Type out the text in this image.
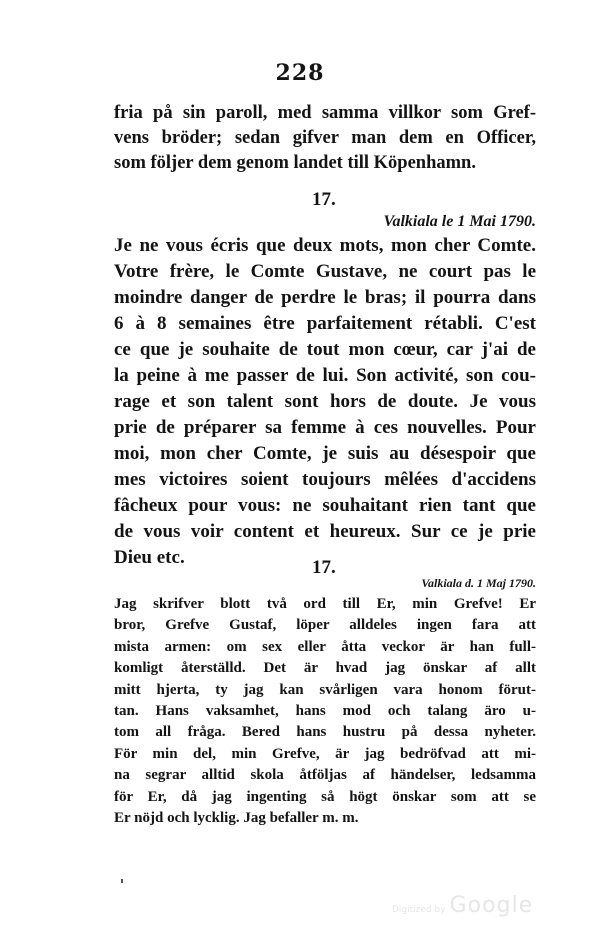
228
fria på sin paroll, med samma villkor som Gref-
vens bröder; sedan gifver man dem en Officer,
som följer dem genom landet till Köpenhamn.
17.
Valkiala le 1 Mai 1790.
Je ne vous écris que deux mots, mon cher Comte.
Votre frère, le Comte Gustave, ne court pas le
moindre danger de perdre le bras; il pourra dans
6 à 8 semaines être parfaitement rétabli. C'est
ce que je souhaite de tout mon cœur, car j'ai de
la peine à me passer de lui. Son activité, son cou-
rage et son talent sont hors de doute. Je vous
prie de préparer sa femme à ces nouvelles. Pour
moi, mon cher Comte, je suis au désespoir que
mes victoires soient toujours mêlées d'accidens
fâcheux pour vous: ne souhaitant rien tant que
de vous voir content et heureux. Sur ce je prie
Dieu etc.	17.
Valkiala d. 1 Maj 1790.
Jag skrifver blott två ord till Er, min Grefve! Er
bror, Grefve Gustaf, löper alldeles ingen fara att
mista armen: om sex eller åtta veckor är han full-
komligt återställd. Det är hvad jag önskar af allt
mitt hjerta, ty jag kan svårligen vara honom förut-
tan. Hans vaksamhet, hans mod och talang äro u-
tom all fråga. Bered hans hustru på dessa nyheter.
För min del, min Grefve, är jag bedröfvad att mi-
na segrar alltid skola åtföljas af händelser, ledsamma
för Er, då jag ingenting så högt önskar som att se
Er nöjd och lycklig. Jag befaller m. m.
Digitized by Google
